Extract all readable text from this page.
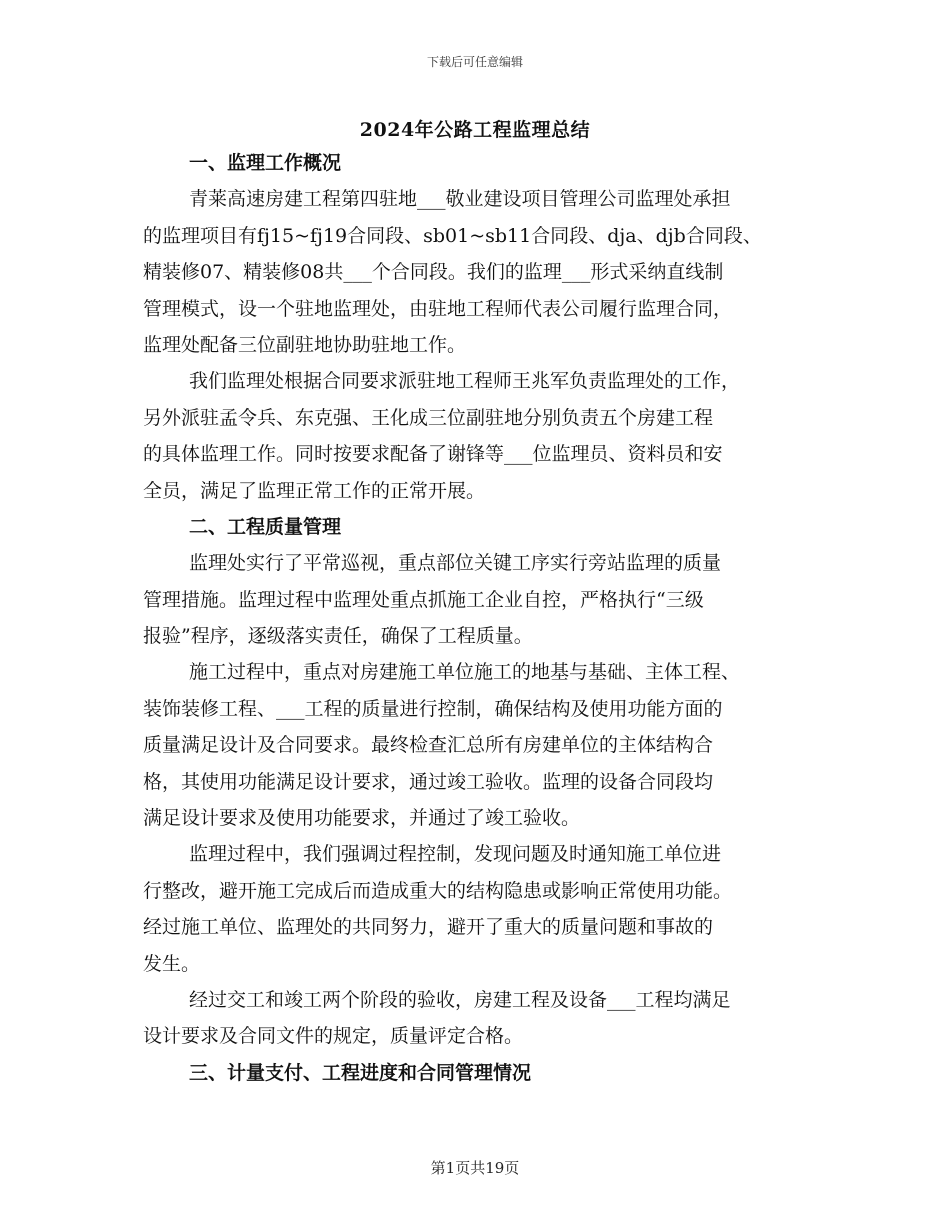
下载后可任意编辑
2024年公路工程监理总结
一、监理工作概况
青莱高速房建工程第四驻地___敬业建设项目管理公司监理处承担
的监理项目有fj15~fj19合同段、sb01~sb11合同段、dja、djb合同段、
精装修07、精装修08共___个合同段。我们的监理___形式采纳直线制
管理模式，设一个驻地监理处，由驻地工程师代表公司履行监理合同，
监理处配备三位副驻地协助驻地工作。
我们监理处根据合同要求派驻地工程师王兆军负责监理处的工作，
另外派驻孟令兵、东克强、王化成三位副驻地分别负责五个房建工程
的具体监理工作。同时按要求配备了谢锋等___位监理员、资料员和安
全员，满足了监理正常工作的正常开展。
二、工程质量管理
监理处实行了平常巡视，重点部位关键工序实行旁站监理的质量
管理措施。监理过程中监理处重点抓施工企业自控，严格执行“三级
报验”程序，逐级落实责任，确保了工程质量。
施工过程中，重点对房建施工单位施工的地基与基础、主体工程、
装饰装修工程、___工程的质量进行控制，确保结构及使用功能方面的
质量满足设计及合同要求。最终检查汇总所有房建单位的主体结构合
格，其使用功能满足设计要求，通过竣工验收。监理的设备合同段均
满足设计要求及使用功能要求，并通过了竣工验收。
监理过程中，我们强调过程控制，发现问题及时通知施工单位进
行整改，避开施工完成后而造成重大的结构隐患或影响正常使用功能。
经过施工单位、监理处的共同努力，避开了重大的质量问题和事故的
发生。
经过交工和竣工两个阶段的验收，房建工程及设备___工程均满足
设计要求及合同文件的规定，质量评定合格。
三、计量支付、工程进度和合同管理情况
第1页共19页
